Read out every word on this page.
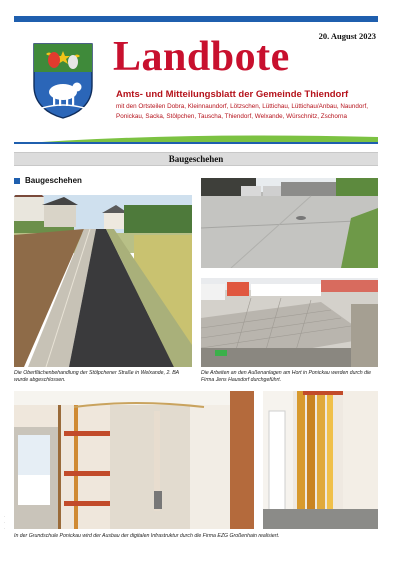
20. August 2023
Landbote
Amts- und Mitteilungsblatt der Gemeinde Thiendorf
mit den Ortsteilen Dobra, Kleinnaundorf, Lötzschen, Lüttichau, Lüttichau/Anbau, Naundorf, Ponickau, Sacka, Stölpchen, Tauscha, Thiendorf, Welxande, Würschnitz, Zschorna
Baugeschehen
Baugeschehen
Die Oberflächenbehandlung der Stölpchener Straße in Welxande, 2. BA wurde abgeschlossen.
Die Arbeiten an den Außenanlagen am Hort in Ponickau werden durch die Firma Jens Hausdorf durchgeführt.
In der Grundschule Ponickau wird der Ausbau der digitalen Infrastruktur durch die Firma EZG Großenhain realisiert.
·
·
·
